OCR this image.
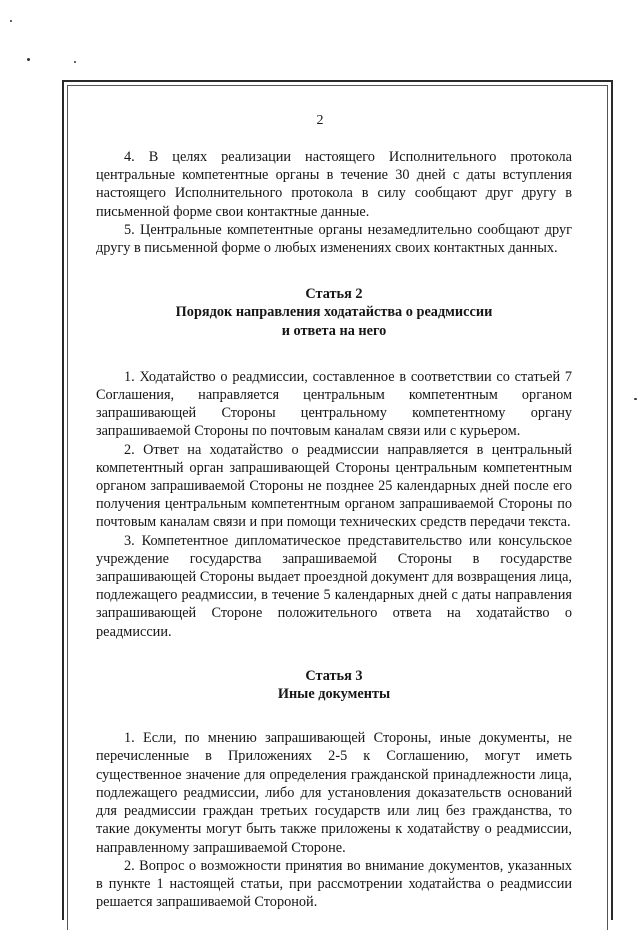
2

4. В целях реализации настоящего Исполнительного протокола центральные компетентные органы в течение 30 дней с даты вступления настоящего Исполнительного протокола в силу сообщают друг другу в письменной форме свои контактные данные.

5. Центральные компетентные органы незамедлительно сообщают друг другу в письменной форме о любых изменениях своих контактных данных.

Статья 2

Порядок направления ходатайства о реадмиссии

и ответа на него

1. Ходатайство о реадмиссии, составленное в соответствии со статьей 7 Соглашения, направляется центральным компетентным органом запрашивающей Стороны центральному компетентному органу запрашиваемой Стороны по почтовым каналам связи или с курьером.

2. Ответ на ходатайство о реадмиссии направляется в центральный компетентный орган запрашивающей Стороны центральным компетентным органом запрашиваемой Стороны не позднее 25 календарных дней после его получения центральным компетентным органом запрашиваемой Стороны по почтовым каналам связи и при помощи технических средств передачи текста.

3. Компетентное дипломатическое представительство или консульское учреждение государства запрашиваемой Стороны в государстве запрашивающей Стороны выдает проездной документ для возвращения лица, подлежащего реадмиссии, в течение 5 календарных дней с даты направления запрашивающей Стороне положительного ответа на ходатайство о реадмиссии.

Статья 3

Иные документы

1. Если, по мнению запрашивающей Стороны, иные документы, не перечисленные в Приложениях 2-5 к Соглашению, могут иметь существенное значение для определения гражданской принадлежности лица, подлежащего реадмиссии, либо для установления доказательств оснований для реадмиссии граждан третьих государств или лиц без гражданства, то такие документы могут быть также приложены к ходатайству о реадмиссии, направленному запрашиваемой Стороне.

2. Вопрос о возможности принятия во внимание документов, указанных в пункте 1 настоящей статьи, при рассмотрении ходатайства о реадмиссии решается запрашиваемой Стороной.
